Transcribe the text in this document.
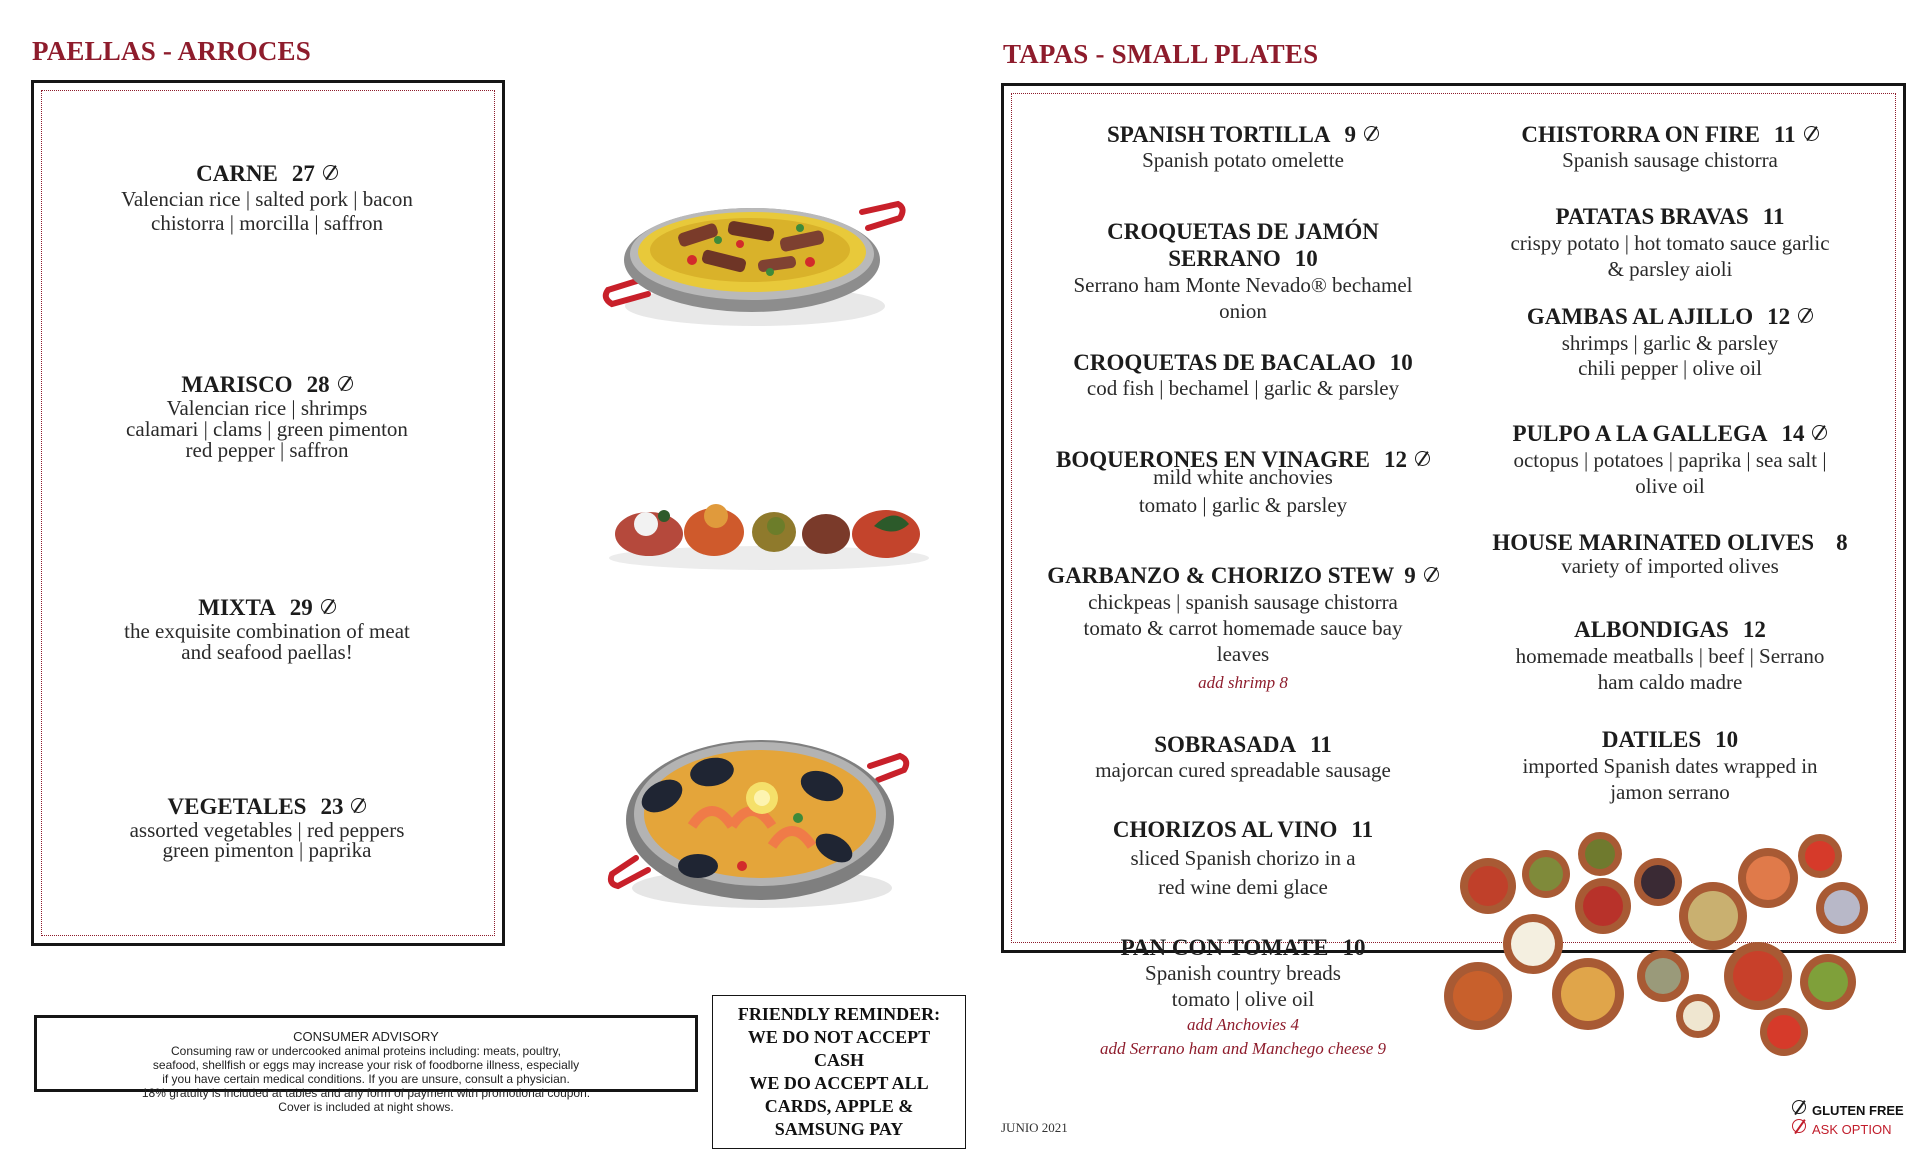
PAELLAS - ARROCES	TAPAS - SMALL PLATES
CARNE 27
Valencian rice | salted pork | bacon
chistorra | morcilla | saffron
MARISCO 28
Valencian rice | shrimps
calamari | clams | green pimenton
red pepper | saffron
MIXTA 29
the exquisite combination of meat
and seafood paellas!
VEGETALES 23
assorted vegetables | red peppers
green pimenton | paprika
SPANISH TORTILLA 9
Spanish potato omelette
CROQUETAS DE JAMÓN
SERRANO 10
Serrano ham Monte Nevado® bechamel
onion
CROQUETAS DE BACALAO 10
cod fish | bechamel | garlic & parsley
BOQUERONES EN VINAGRE 12
mild white anchovies
tomato | garlic & parsley
GARBANZO & CHORIZO STEW 9
chickpeas | spanish sausage chistorra
tomato & carrot homemade sauce bay
leaves
add shrimp 8
SOBRASADA 11
majorcan cured spreadable sausage
CHORIZOS AL VINO 11
sliced Spanish chorizo in a
red wine demi glace
PAN CON TOMATE 10
Spanish country breads
tomato | olive oil
add Anchovies 4
add Serrano ham and Manchego cheese 9
CHISTORRA ON FIRE 11
Spanish sausage chistorra
PATATAS BRAVAS 11
crispy potato | hot tomato sauce garlic
& parsley aioli
GAMBAS AL AJILLO 12
shrimps | garlic & parsley
chili pepper | olive oil
PULPO A LA GALLEGA 14
octopus | potatoes | paprika | sea salt |
olive oil
HOUSE MARINATED OLIVES 8
variety of imported olives
ALBONDIGAS 12
homemade meatballs | beef | Serrano
ham caldo madre
DATILES 10
imported Spanish dates wrapped in
jamon serrano
CONSUMER ADVISORY
Consuming raw or undercooked animal proteins including: meats, poultry,
seafood, shellfish or eggs may increase your risk of foodborne illness, especially
if you have certain medical conditions. If you are unsure, consult a physician.
18% gratuity is included at tables and any form of payment with promotional coupon.
Cover is included at night shows.
FRIENDLY REMINDER:
WE DO NOT ACCEPT
CASH
WE DO ACCEPT ALL
CARDS, APPLE &
SAMSUNG PAY	JUNIO 2021
GLUTEN FREE
ASK OPTION
